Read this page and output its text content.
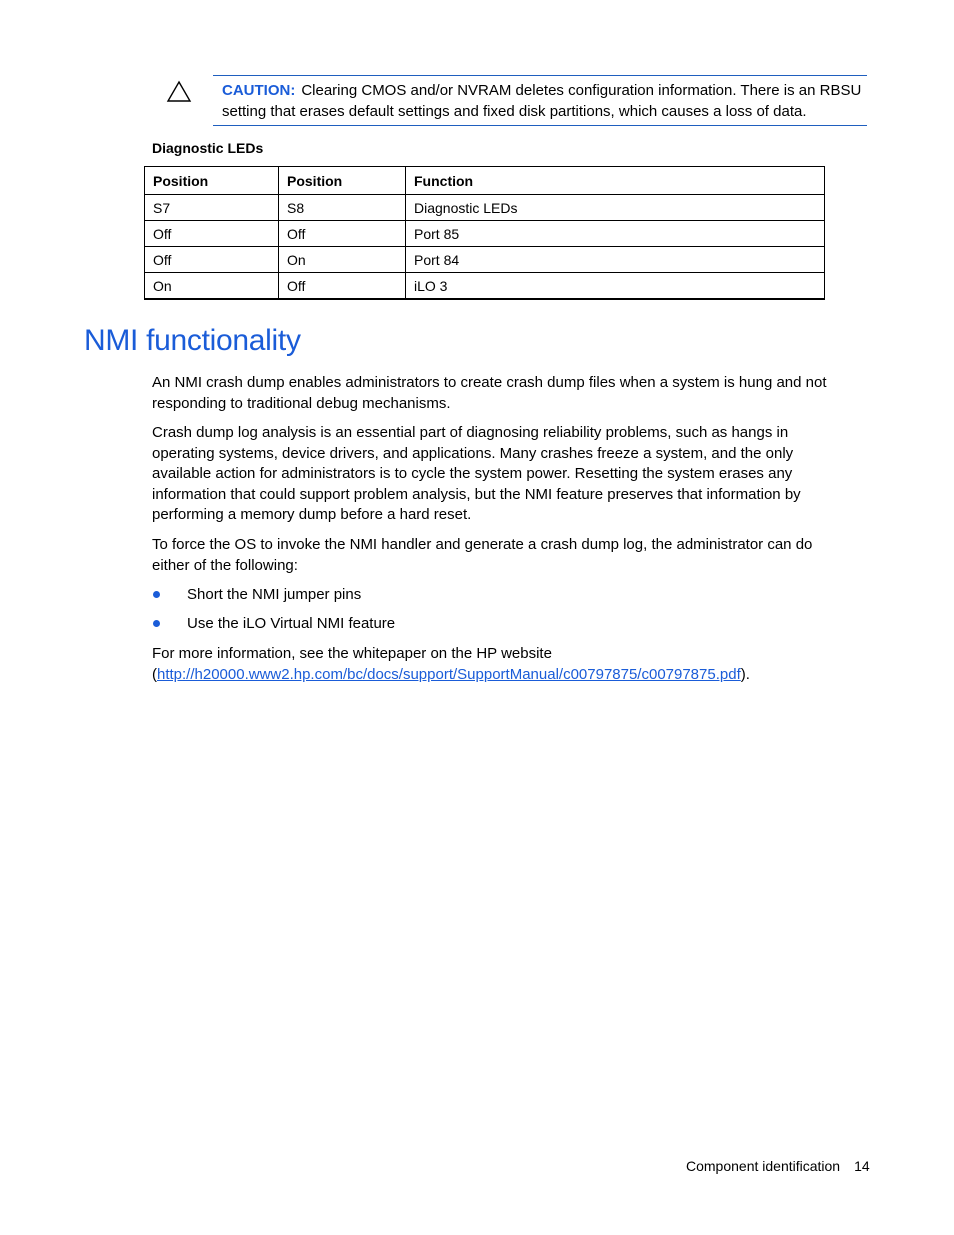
CAUTION: Clearing CMOS and/or NVRAM deletes configuration information. There is an RBSU setting that erases default settings and fixed disk partitions, which causes a loss of data.
Diagnostic LEDs
Position	Position	Function
S7	S8	Diagnostic LEDs
Off	Off	Port 85
Off	On	Port 84
On	Off	iLO 3
NMI functionality

An NMI crash dump enables administrators to create crash dump files when a system is hung and not responding to traditional debug mechanisms.

Crash dump log analysis is an essential part of diagnosing reliability problems, such as hangs in operating systems, device drivers, and applications. Many crashes freeze a system, and the only available action for administrators is to cycle the system power. Resetting the system erases any information that could support problem analysis, but the NMI feature preserves that information by performing a memory dump before a hard reset.

To force the OS to invoke the NMI handler and generate a crash dump log, the administrator can do either of the following:

Short the NMI jumper pins
Use the iLO Virtual NMI feature

For more information, see the whitepaper on the HP website
(http://h20000.www2.hp.com/bc/docs/support/SupportManual/c00797875/c00797875.pdf).

Component identification 14
